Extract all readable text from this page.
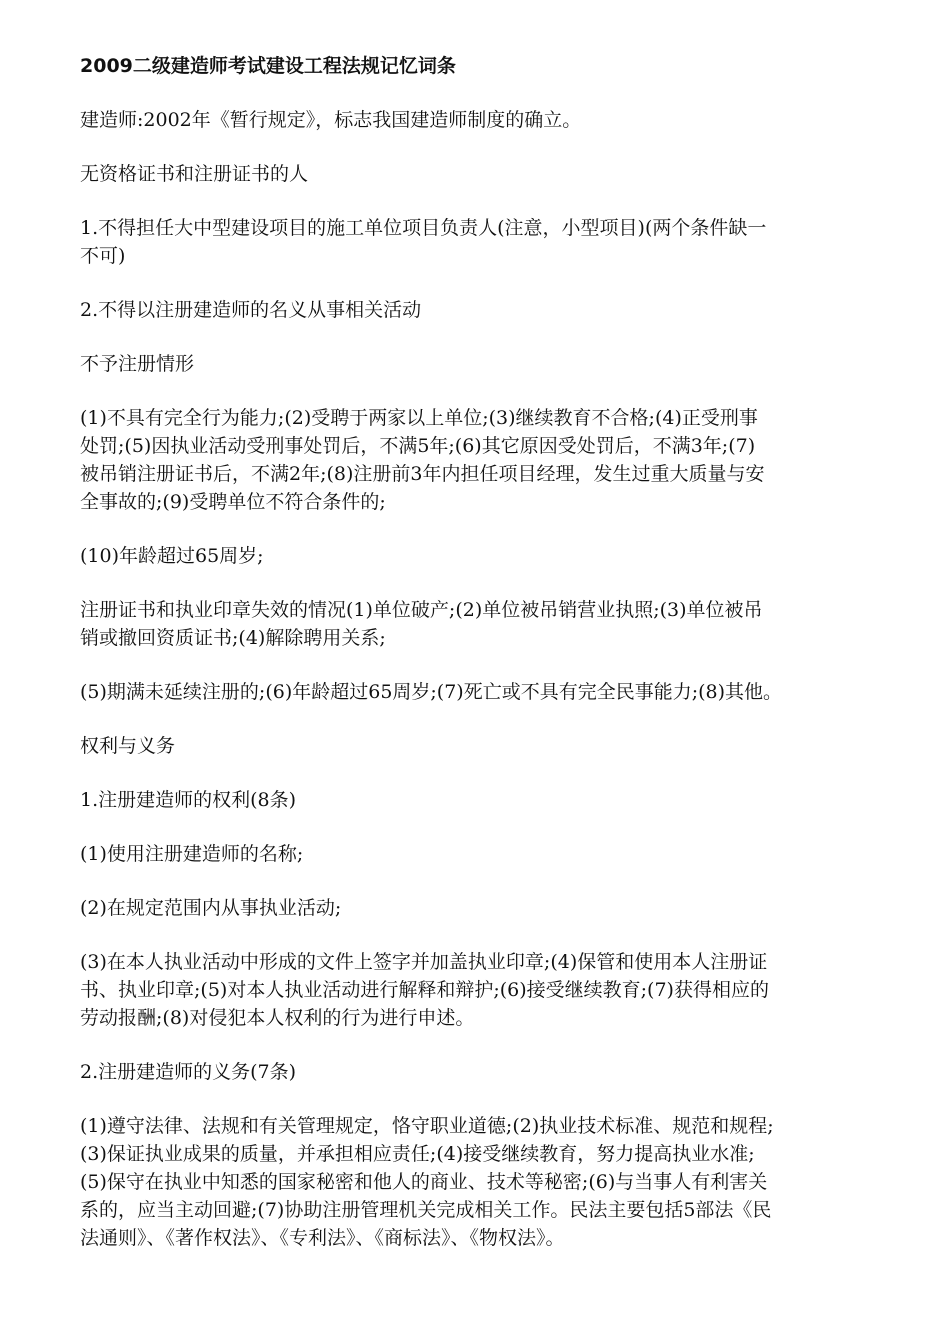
2009二级建造师考试建设工程法规记忆词条
建造师:2002年《暂行规定》，标志我国建造师制度的确立。
无资格证书和注册证书的人
1.不得担任大中型建设项目的施工单位项目负责人(注意，小型项目)(两个条件缺一
不可)
2.不得以注册建造师的名义从事相关活动
不予注册情形
(1)不具有完全行为能力;(2)受聘于两家以上单位;(3)继续教育不合格;(4)正受刑事
处罚;(5)因执业活动受刑事处罚后，不满5年;(6)其它原因受处罚后，不满3年;(7)
被吊销注册证书后，不满2年;(8)注册前3年内担任项目经理，发生过重大质量与安
全事故的;(9)受聘单位不符合条件的;
(10)年龄超过65周岁;
注册证书和执业印章失效的情况(1)单位破产;(2)单位被吊销营业执照;(3)单位被吊
销或撤回资质证书;(4)解除聘用关系;
(5)期满未延续注册的;(6)年龄超过65周岁;(7)死亡或不具有完全民事能力;(8)其他。
权利与义务
1.注册建造师的权利(8条)
(1)使用注册建造师的名称;
(2)在规定范围内从事执业活动;
(3)在本人执业活动中形成的文件上签字并加盖执业印章;(4)保管和使用本人注册证
书、执业印章;(5)对本人执业活动进行解释和辩护;(6)接受继续教育;(7)获得相应的
劳动报酬;(8)对侵犯本人权利的行为进行申述。
2.注册建造师的义务(7条)
(1)遵守法律、法规和有关管理规定，恪守职业道德;(2)执业技术标准、规范和规程;
(3)保证执业成果的质量，并承担相应责任;(4)接受继续教育，努力提高执业水准;
(5)保守在执业中知悉的国家秘密和他人的商业、技术等秘密;(6)与当事人有利害关
系的，应当主动回避;(7)协助注册管理机关完成相关工作。民法主要包括5部法《民
法通则》、《著作权法》、《专利法》、《商标法》、《物权法》。
